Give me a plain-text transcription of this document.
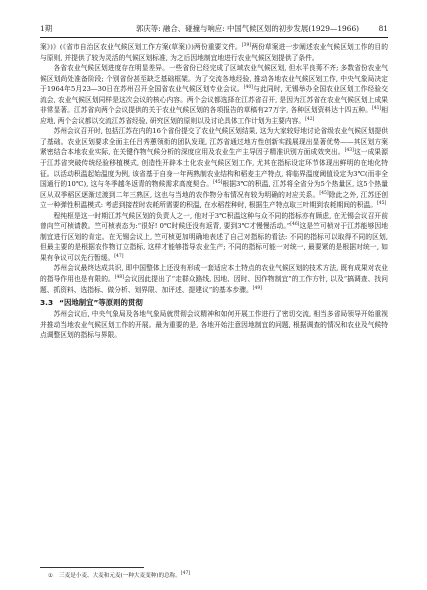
1期	郭庆等: 融合、碰撞与响应: 中国气候区划的初步发展(1929—1966)	81

案》)》(《省市自治区农业气候区划工作方案(草案)》)两份重要文件。[39]两份草案进一步阐述农业气候区划工作的目的与原则, 并提供了较为灵活的气候区划标准, 为之后因地制宜地进行农业气候区划提供了条件。

各省农业气候区划进度存在明显差异。一些省份已经完成了区域农业气候区划, 但水平良莠不齐; 多数省份农业气候区划尚处准备阶段; 个别省份甚至缺乏基础框架。为了交流各地经验, 推动各地农业气候区划工作, 中央气象局决定于1964年5月23—30日在苏州召开全国省农业气候区划专业会议。[40]与此同时, 无锡举办全国农业区划工作经验交流会, 农业气候区划同样是这次会议的核心内容。两个会议都选择在江苏省召开, 是因为江苏省在农业气候区划上成果非常显著。江苏省向两个会议提供的关于农业气候区划的各项报告的草稿有27万字, 各种区划资料达十四五种。[41]相应地, 两个会议都以交流江苏省经验, 研究区划的原则以及讨论具体工作计划为主要内容。[42]

苏州会议召开时, 包括江苏在内的16个省份提交了农业气候区划结果, 这为大家较好地讨论省级农业气候区划提供了基础。农业区划要求全面主任吕秀蕙领衔的团队发现, 江苏省通过地方性创新实践展现出显著优势——其区划方案紧密结合本地农业实际, 在关键作物气候分析的深度应用及农业生产主导因子精准识别方面成效突出。[43]这一成果源于江苏省突破传统经验移植模式, 创造性开辟本土化农业气候区划工作, 尤其在指标设定环节体现出鲜明的在地化特征。以活动积温起始温度为例, 该省基于自身一年两熟制农业结构和稻麦主产特点, 将临界温度阈值设定为3℃(而非全国通行的10℃), 这与冬季越冬返青的物候需求高度契合。[45]根据3℃的积温, 江苏将全省分为5个热量区, 这5个热量区从双季稻区逐渐过渡到二年三熟区, 这也与当地的农作物分布情况有较为明确的对应关系。[45]除此之外, 江苏还创立一种弹性积温模式: 考虑到接茬时农耗所需要的积温, 在水稻茬种时, 根据生产特点取三叶期到农耗期间的积温。[45]

程纯枢是这一时期江苏气候区划的负责人之一, 他对于3℃积温这种与众不同的指标亦有顾虑, 在无锡会议召开前曾向竺可桢请教。竺可桢表态为:“很好! 0℃时候还没有返青, 要到3℃才慢慢活动。”[46]这是竺可桢对于江苏能够因地制宜进行区划的肯定。在无锡会议上, 竺可桢更加明确地表述了自己对指标的看法: 不同的指标可以取得不同的区划, 但最主要的是根据农作物订立指标, 这样才能够指导农业生产; 不同的指标可能一对统一, 最要紧的是根据对统一, 如果有争议可以先行暂缓。[47]

苏州会议最终达成共识, 即中国整体上还没有形成一套适应本土特点的农业气候区划的技术方法, 既有成果对农业的指导作用也是有限的。[48]会议因此提出了“走群众路线, 因地、因时、因作物制宜”的工作方针, 以及“搞调查、找问题、抓资料、选指标、做分析、划界限、加评述、提建议”的基本步骤。[49]

3.3 “因地制宜”等原则的贯彻

苏州会议后, 中央气象局及各地气象局就贯彻会议精神和如何开展工作进行了密切交流, 相当多省局领导开始重视并推动当地农业气候区划工作的开展。最为重要的是, 各地开始注意因地制宜的问题, 根据调查的情况和农业及气候特点调整区划的指标与界限。

① 三麦是小麦、大麦和元麦(一种大麦变种)的总称。[47]
